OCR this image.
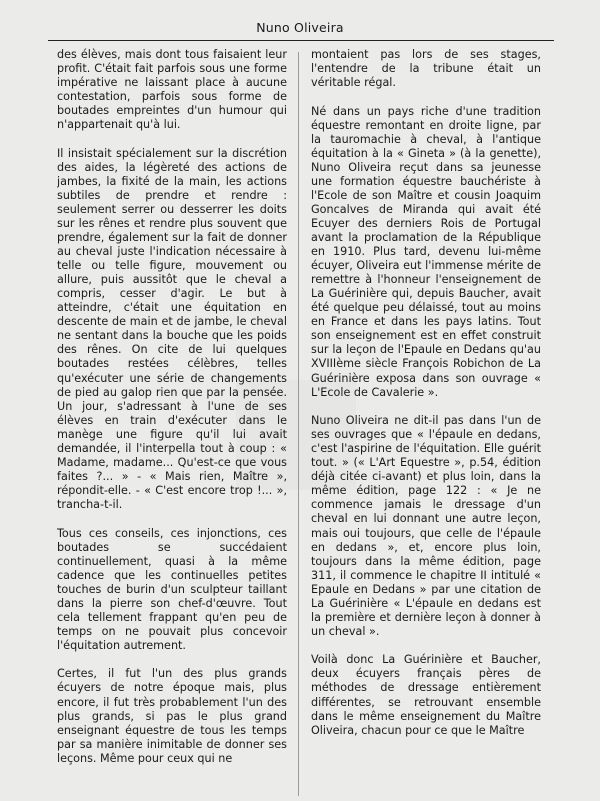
Nuno Oliveira

des élèves, mais dont tous faisaient leur profit. C'était fait parfois sous une forme impérative ne laissant place à aucune contestation, parfois sous forme de boutades empreintes d'un humour qui n'appartenait qu'à lui.

Il insistait spécialement sur la discrétion des aides, la légèreté des actions de jambes, la fixité de la main, les actions subtiles de prendre et rendre : seulement serrer ou desserrer les doits sur les rênes et rendre plus souvent que prendre, également sur la fait de donner au cheval juste l'indication nécessaire à telle ou telle figure, mouvement ou allure, puis aussitôt que le cheval a compris, cesser d'agir. Le but à atteindre, c'était une équitation en descente de main et de jambe, le cheval ne sentant dans la bouche que les poids des rênes. On cite de lui quelques boutades restées célèbres, telles qu'exécuter une série de changements de pied au galop rien que par la pensée. Un jour, s'adressant à l'une de ses élèves en train d'exécuter dans le manège une figure qu'il lui avait demandée, il l'interpella tout à coup : « Madame, madame... Qu'est-ce que vous faites ?... » - « Mais rien, Maître », répondit-elle. - « C'est encore trop !... », trancha-t-il.

Tous ces conseils, ces injonctions, ces boutades se succédaient continuellement, quasi à la même cadence que les continuelles petites touches de burin d'un sculpteur taillant dans la pierre son chef-d'œuvre. Tout cela tellement frappant qu'en peu de temps on ne pouvait plus concevoir l'équitation autrement.

Certes, il fut l'un des plus grands écuyers de notre époque mais, plus encore, il fut très probablement l'un des plus grands, si pas le plus grand enseignant équestre de tous les temps par sa manière inimitable de donner ses leçons. Même pour ceux qui ne

montaient pas lors de ses stages, l'entendre de la tribune était un véritable régal.

Né dans un pays riche d'une tradition équestre remontant en droite ligne, par la tauromachie à cheval, à l'antique équitation à la « Gineta » (à la genette), Nuno Oliveira reçut dans sa jeunesse une formation équestre bauchériste à l'Ecole de son Maître et cousin Joaquim Goncalves de Miranda qui avait été Ecuyer des derniers Rois de Portugal avant la proclamation de la République en 1910. Plus tard, devenu lui-même écuyer, Oliveira eut l'immense mérite de remettre à l'honneur l'enseignement de La Guérinière qui, depuis Baucher, avait été quelque peu délaissé, tout au moins en France et dans les pays latins. Tout son enseignement est en effet construit sur la leçon de l'Epaule en Dedans qu'au XVIIIème siècle François Robichon de La Guérinière exposa dans son ouvrage « L'Ecole de Cavalerie ».

Nuno Oliveira ne dit-il pas dans l'un de ses ouvrages que « l'épaule en dedans, c'est l'aspirine de l'équitation. Elle guérit tout. » (« L'Art Equestre », p.54, édition déjà citée ci-avant) et plus loin, dans la même édition, page 122 : « Je ne commence jamais le dressage d'un cheval en lui donnant une autre leçon, mais oui toujours, que celle de l'épaule en dedans », et, encore plus loin, toujours dans la même édition, page 311, il commence le chapitre II intitulé « Epaule en Dedans » par une citation de La Guérinière « L'épaule en dedans est la première et dernière leçon à donner à un cheval ».

Voilà donc La Guérinière et Baucher, deux écuyers français pères de méthodes de dressage entièrement différentes, se retrouvant ensemble dans le même enseignement du Maître Oliveira, chacun pour ce que le Maître
